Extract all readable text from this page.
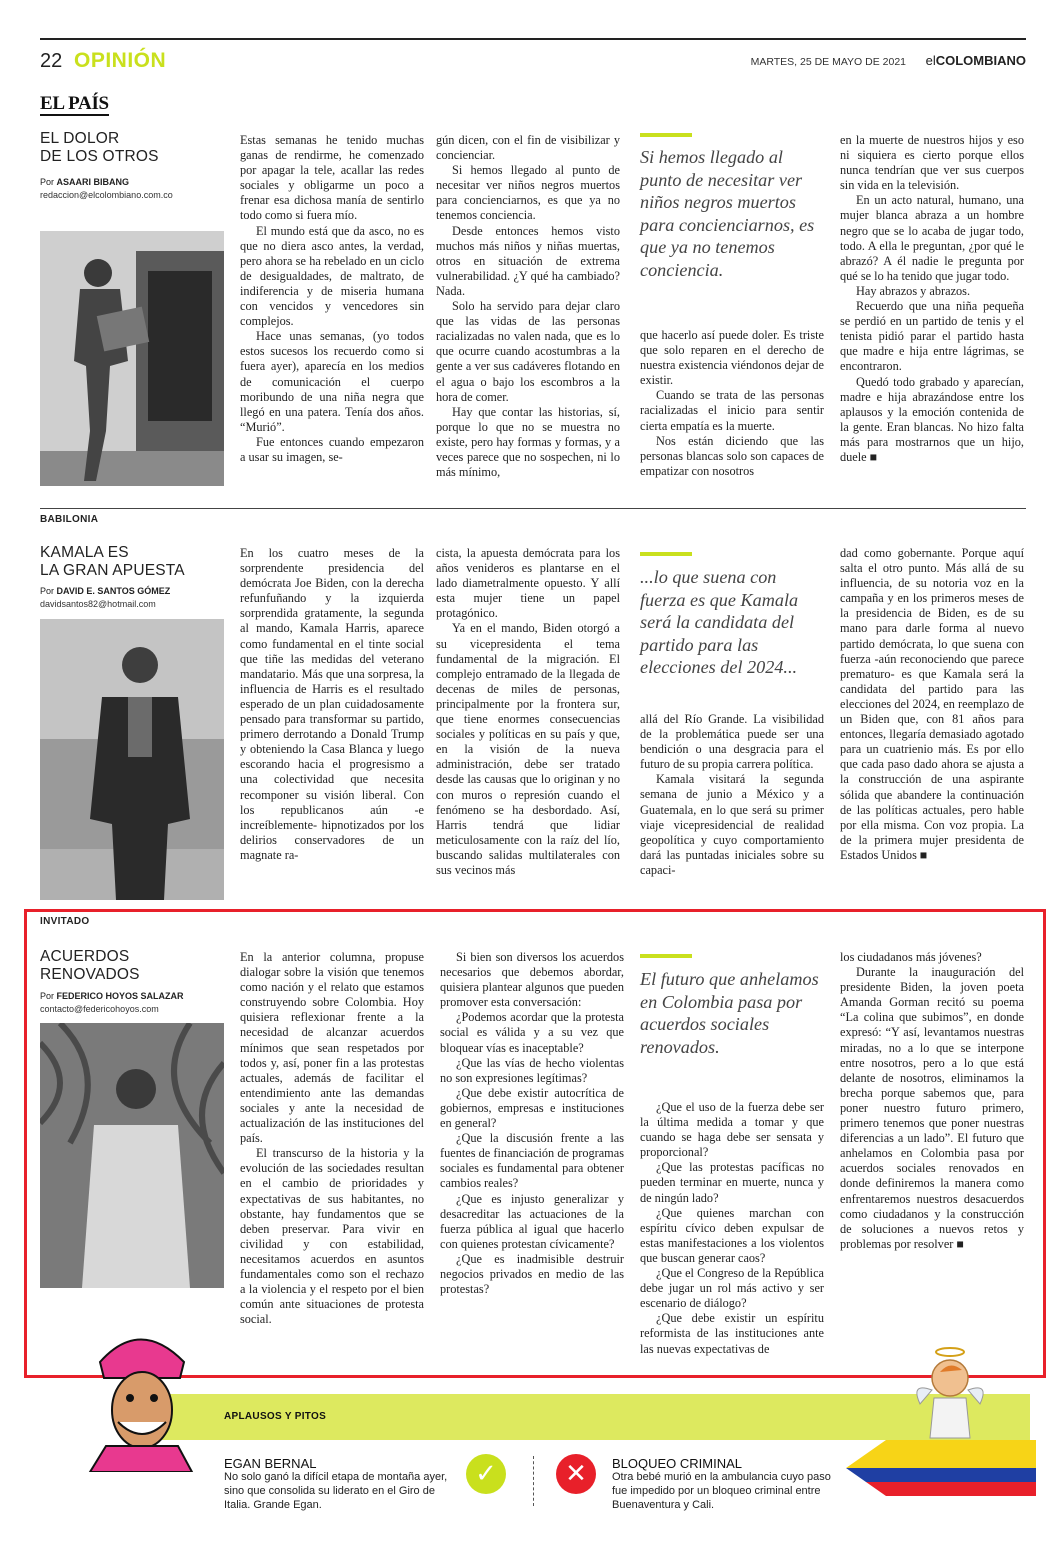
22 OPINIÓN	MARTES, 25 DE MAYO DE 2021 elCOLOMBIANO
EL PAÍS
EL DOLOR
DE LOS OTROS
Por ASAARI BIBANG
redaccion@elcolombiano.com.co

Estas semanas he tenido muchas ganas de rendirme, he comenzado por apagar la tele, acallar las redes sociales y obligarme un poco a frenar esa dichosa manía de sentirlo todo como si fuera mío.

El mundo está que da asco, no es que no diera asco antes, la verdad, pero ahora se ha rebelado en un ciclo de desigualdades, de maltrato, de indiferencia y de miseria humana con vencidos y vencedores sin complejos.

Hace unas semanas, (yo todos estos sucesos los recuerdo como si fuera ayer), aparecía en los medios de comunicación el cuerpo moribundo de una niña negra que llegó en una patera. Tenía dos años. “Murió”.

Fue entonces cuando empezaron a usar su imagen, se-

gún dicen, con el fin de visibilizar y concienciar.

Si hemos llegado al punto de necesitar ver niños negros muertos para concienciarnos, es que ya no tenemos conciencia.

Desde entonces hemos visto muchos más niños y niñas muertas, otros en situación de extrema vulnerabilidad. ¿Y qué ha cambiado? Nada.

Solo ha servido para dejar claro que las vidas de las personas racializadas no valen nada, que es lo que ocurre cuando acostumbras a la gente a ver sus cadáveres flotando en el agua o bajo los escombros a la hora de comer.

Hay que contar las historias, sí, porque lo que no se muestra no existe, pero hay formas y formas, y a veces parece que no sospechen, ni lo más mínimo,

Si hemos llegado al punto de necesitar ver niños negros muertos para concienciarnos, es que ya no tenemos conciencia.

que hacerlo así puede doler. Es triste que solo reparen en el derecho de nuestra existencia viéndonos dejar de existir.

Cuando se trata de las personas racializadas el inicio para sentir cierta empatía es la muerte.

Nos están diciendo que las personas blancas solo son capaces de empatizar con nosotros

en la muerte de nuestros hijos y eso ni siquiera es cierto porque ellos nunca tendrían que ver sus cuerpos sin vida en la televisión.

En un acto natural, humano, una mujer blanca abraza a un hombre negro que se lo acaba de jugar todo, todo. A ella le preguntan, ¿por qué le abrazó? A él nadie le pregunta por qué se lo ha tenido que jugar todo.

Hay abrazos y abrazos.

Recuerdo que una niña pequeña se perdió en un partido de tenis y el tenista pidió parar el partido hasta que madre e hija entre lágrimas, se encontraron.

Quedó todo grabado y aparecían, madre e hija abrazándose entre los aplausos y la emoción contenida de la gente. Eran blancas. No hizo falta más para mostrarnos que un hijo, duele ■

BABILONIA
KAMALA ES
LA GRAN APUESTA
Por DAVID E. SANTOS GÓMEZ
davidsantos82@hotmail.com

En los cuatro meses de la sorprendente presidencia del demócrata Joe Biden, con la derecha refunfuñando y la izquierda sorprendida gratamente, la segunda al mando, Kamala Harris, aparece como fundamental en el tinte social que tiñe las medidas del veterano mandatario. Más que una sorpresa, la influencia de Harris es el resultado esperado de un plan cuidadosamente pensado para transformar su partido, primero derrotando a Donald Trump y obteniendo la Casa Blanca y luego escorando hacia el progresismo a una colectividad que necesita recomponer su visión liberal. Con los republicanos aún -e increíblemente- hipnotizados por los delirios conservadores de un magnate ra-

cista, la apuesta demócrata para los años venideros es plantarse en el lado diametralmente opuesto. Y allí esta mujer tiene un papel protagónico.

Ya en el mando, Biden otorgó a su vicepresidenta el tema fundamental de la migración. El complejo entramado de la llegada de decenas de miles de personas, principalmente por la frontera sur, que tiene enormes consecuencias sociales y políticas en su país y que, en la visión de la nueva administración, debe ser tratado desde las causas que lo originan y no con muros o represión cuando el fenómeno se ha desbordado. Así, Harris tendrá que lidiar meticulosamente con la raíz del lío, buscando salidas multilaterales con sus vecinos más

...lo que suena con fuerza es que Kamala será la candidata del partido para las elecciones del 2024...

allá del Río Grande. La visibilidad de la problemática puede ser una bendición o una desgracia para el futuro de su propia carrera política.

Kamala visitará la segunda semana de junio a México y a Guatemala, en lo que será su primer viaje vicepresidencial de realidad geopolítica y cuyo comportamiento dará las puntadas iniciales sobre su capaci-

dad como gobernante. Porque aquí salta el otro punto. Más allá de su influencia, de su notoria voz en la campaña y en los primeros meses de la presidencia de Biden, es de su mano para darle forma al nuevo partido demócrata, lo que suena con fuerza -aún reconociendo que parece prematuro- es que Kamala será la candidata del partido para las elecciones del 2024, en reemplazo de un Biden que, con 81 años para entonces, llegaría demasiado agotado para un cuatrienio más. Es por ello que cada paso dado ahora se ajusta a la construcción de una aspirante sólida que abandere la continuación de las políticas actuales, pero hable por ella misma. Con voz propia. La de la primera mujer presidenta de Estados Unidos ■

INVITADO
ACUERDOS
RENOVADOS
Por FEDERICO HOYOS SALAZAR
contacto@federicohoyos.com

En la anterior columna, propuse dialogar sobre la visión que tenemos como nación y el relato que estamos construyendo sobre Colombia. Hoy quisiera reflexionar frente a la necesidad de alcanzar acuerdos mínimos que sean respetados por todos y, así, poner fin a las protestas actuales, además de facilitar el entendimiento ante las demandas sociales y ante la necesidad de actualización de las instituciones del país.

El transcurso de la historia y la evolución de las sociedades resultan en el cambio de prioridades y expectativas de sus habitantes, no obstante, hay fundamentos que se deben preservar. Para vivir en civilidad y con estabilidad, necesitamos acuerdos en asuntos fundamentales como son el rechazo a la violencia y el respeto por el bien común ante situaciones de protesta social.

Si bien son diversos los acuerdos necesarios que debemos abordar, quisiera plantear algunos que pueden promover esta conversación:

¿Podemos acordar que la protesta social es válida y a su vez que bloquear vías es inaceptable?

¿Que las vías de hecho violentas no son expresiones legítimas?

¿Que debe existir autocrítica de gobiernos, empresas e instituciones en general?

¿Que la discusión frente a las fuentes de financiación de programas sociales es fundamental para obtener cambios reales?

¿Que es injusto generalizar y desacreditar las actuaciones de la fuerza pública al igual que hacerlo con quienes protestan cívicamente?

¿Que es inadmisible destruir negocios privados en medio de las protestas?

El futuro que anhelamos en Colombia pasa por acuerdos sociales renovados.

¿Que el uso de la fuerza debe ser la última medida a tomar y que cuando se haga debe ser sensata y proporcional?

¿Que las protestas pacíficas no pueden terminar en muerte, nunca y de ningún lado?

¿Que quienes marchan con espíritu cívico deben expulsar de estas manifestaciones a los violentos que buscan generar caos?

¿Que el Congreso de la República debe jugar un rol más activo y ser escenario de diálogo?

¿Que debe existir un espíritu reformista de las instituciones ante las nuevas expectativas de

los ciudadanos más jóvenes?

Durante la inauguración del presidente Biden, la joven poeta Amanda Gorman recitó su poema “La colina que subimos”, en donde expresó: “Y así, levantamos nuestras miradas, no a lo que se interpone entre nosotros, pero a lo que está delante de nosotros, eliminamos la brecha porque sabemos que, para poner nuestro futuro primero, primero tenemos que poner nuestras diferencias a un lado”. El futuro que anhelamos en Colombia pasa por acuerdos sociales renovados en donde definiremos la manera como enfrentaremos nuestros desacuerdos como ciudadanos y la construcción de soluciones a nuevos retos y problemas por resolver ■

APLAUSOS Y PITOS
EGAN BERNAL
No solo ganó la difícil etapa de montaña ayer, sino que consolida su liderato en el Giro de Italia. Grande Egan.
✓	✕	BLOQUEO CRIMINAL
Otra bebé murió en la ambulancia cuyo paso fue impedido por un bloqueo criminal entre Buenaventura y Cali.
